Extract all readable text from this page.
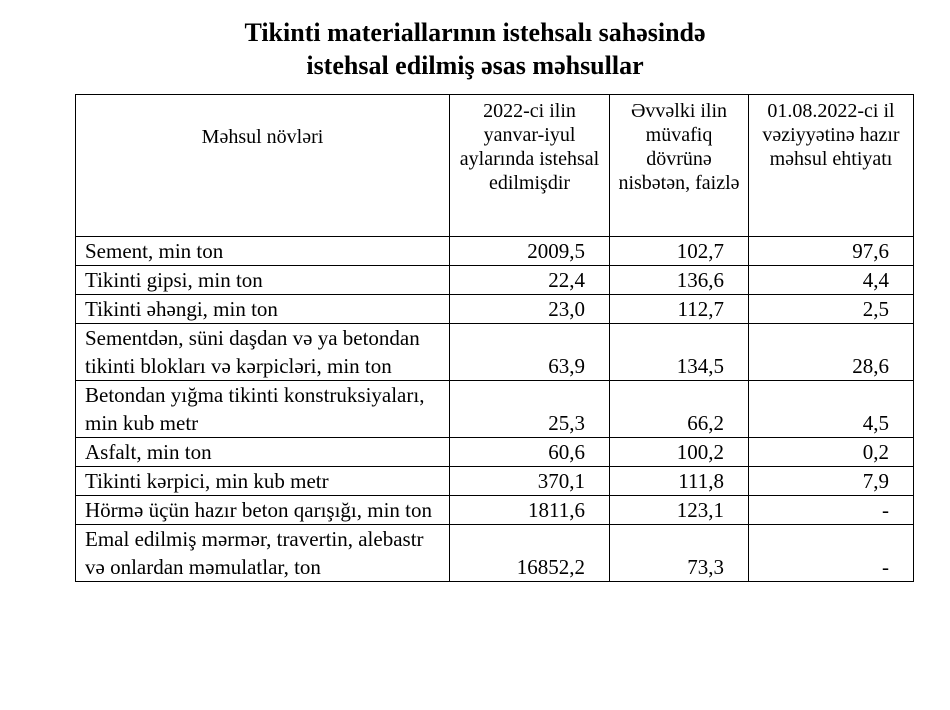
Tikinti materiallarının istehsalı sahəsində
istehsal edilmiş əsas məhsullar
Məhsul növləri	2022-ci ilin yanvar-iyul aylarında istehsal edilmişdir	Əvvəlki ilin müvafiq dövrünə nisbətən, faizlə	01.08.2022-ci il vəziyyətinə hazır məhsul ehtiyatı
Sement, min ton	2009,5	102,7	97,6
Tikinti gipsi, min ton	22,4	136,6	4,4
Tikinti əhəngi, min ton	23,0	112,7	2,5
Sementdən, süni daşdan və ya betondan tikinti blokları və kərpicləri, min ton	63,9	134,5	28,6
Betondan yığma tikinti konstruksiyaları, min kub metr	25,3	66,2	4,5
Asfalt, min ton	60,6	100,2	0,2
Tikinti kərpici, min kub metr	370,1	111,8	7,9
Hörmə üçün hazır beton qarışığı, min ton	1811,6	123,1	-
Emal edilmiş mərmər, travertin, alebastr və onlardan məmulatlar, ton	16852,2	73,3	-
